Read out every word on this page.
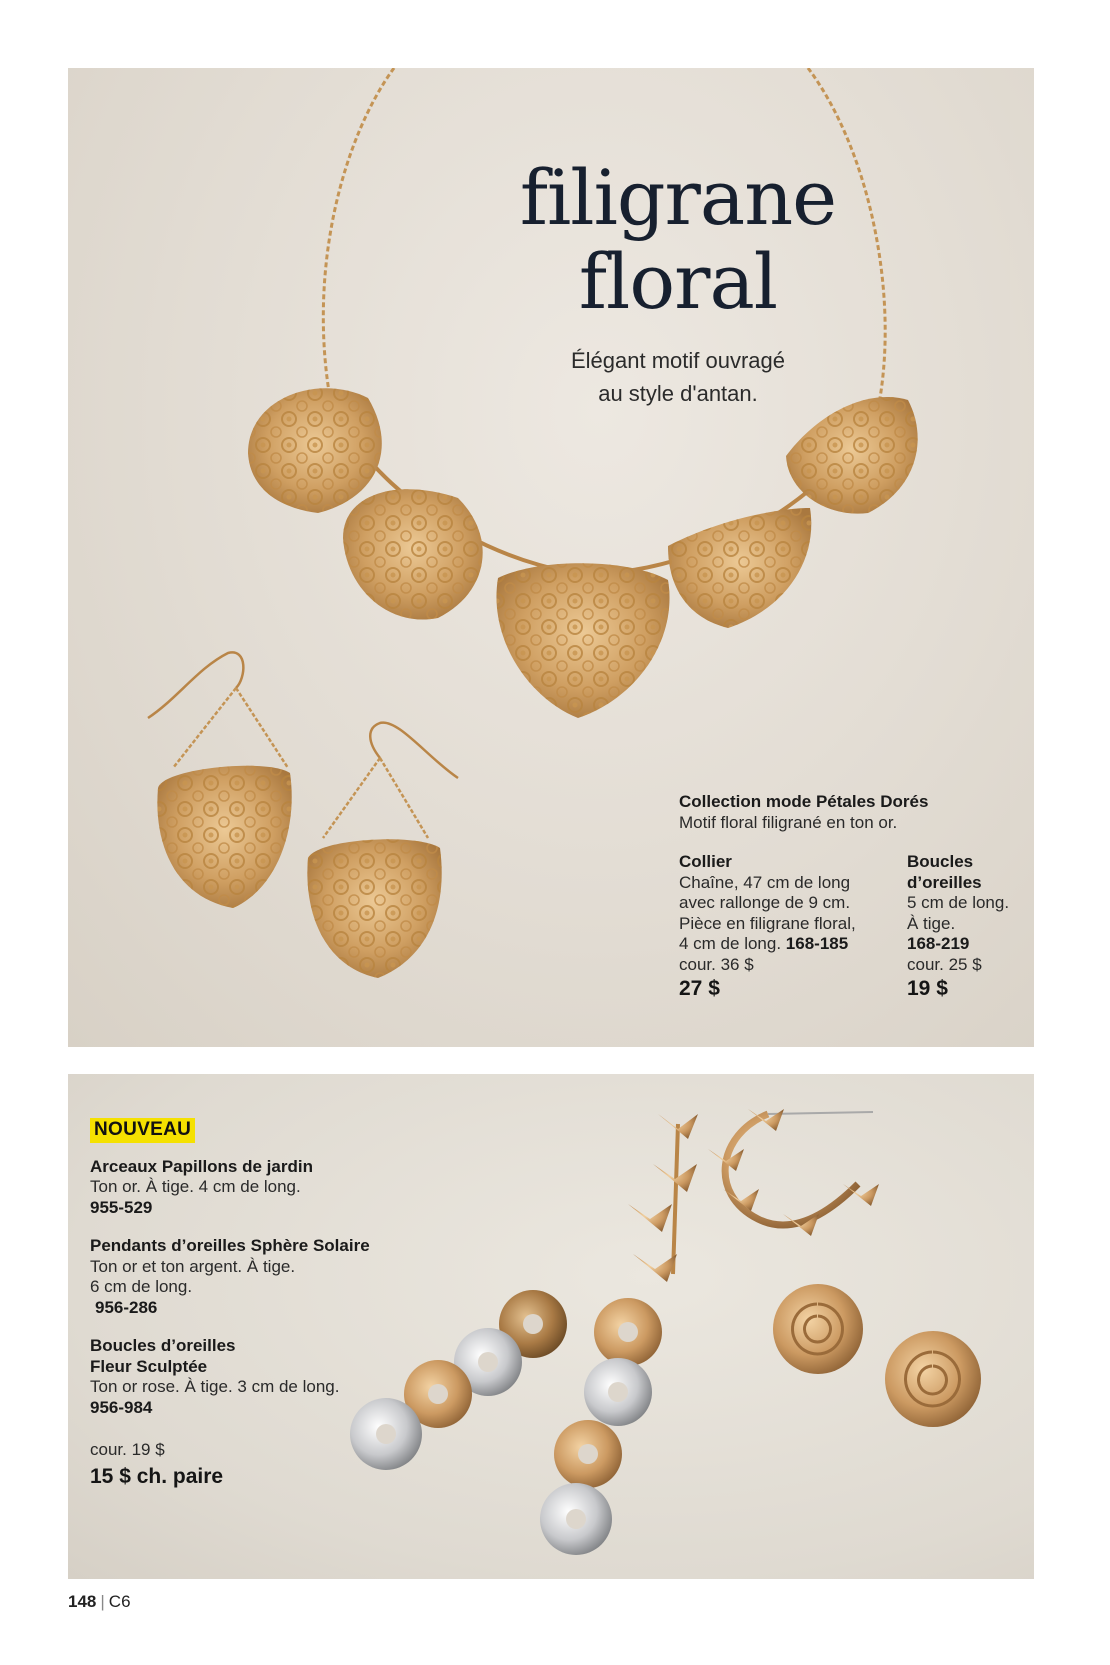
filigrane
floral
Élégant motif ouvragé
au style d'antan.
Collection mode Pétales Dorés
Motif floral filigrané en ton or.
Collier
Chaîne, 47 cm de long
avec rallonge de 9 cm.
Pièce en filigrane floral,
4 cm de long. 168-185
cour. 36 $
27 $
Boucles
d’oreilles
5 cm de long.
À tige.
168-219
cour. 25 $
19 $
NOUVEAU
Arceaux Papillons de jardin
Ton or. À tige. 4 cm de long.
955-529
Pendants d’oreilles Sphère Solaire
Ton or et ton argent. À tige.
6 cm de long.
956-286
Boucles d’oreilles
Fleur Sculptée
Ton or rose. À tige. 3 cm de long.
956-984
cour. 19 $
15 $ ch. paire
148 | C6
